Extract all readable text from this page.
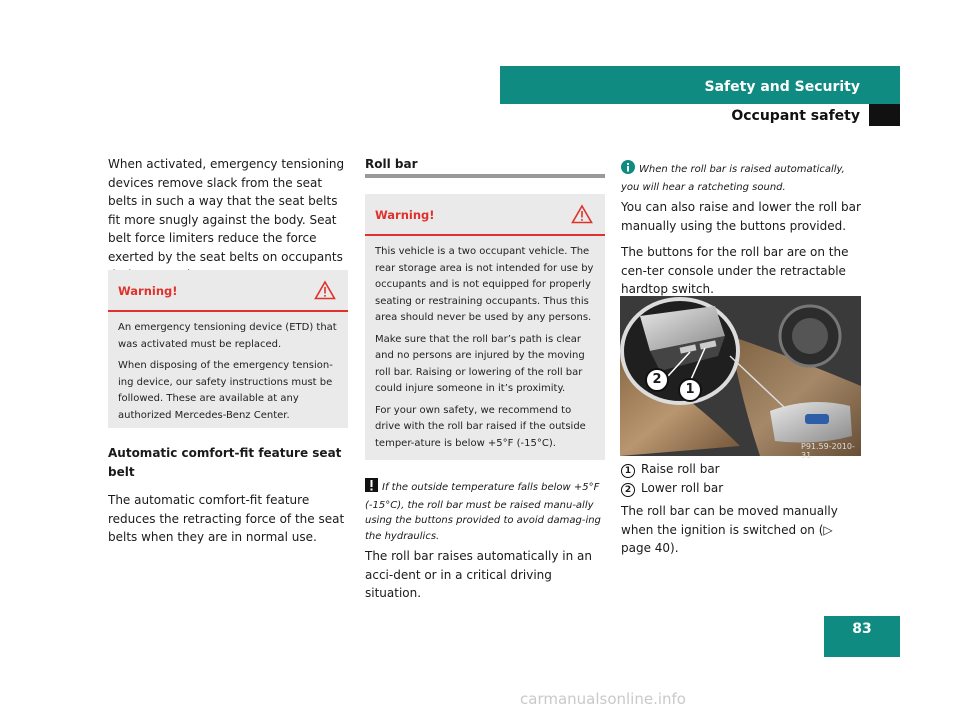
Safety and Security
Occupant safety

When activated, emergency tensioning devices remove slack from the seat belts in such a way that the seat belts fit more snugly against the body. Seat belt force limiters reduce the force exerted by the seat belts on occupants

Warning!

An emergency tensioning device (ETD) that was activated must be replaced.

When disposing of the emergency tension-ing device, our safety instructions must be followed. These are available at any authorized Mercedes-Benz Center.

Automatic comfort-fit feature seat belt

The automatic comfort-fit feature reduces the retracting force of the seat belts when they are in normal use.

Roll bar
Warning!

This vehicle is a two occupant vehicle. The rear storage area is not intended for use by occupants and is not equipped for properly seating or restraining occupants. Thus this area should never be used by any persons.

Make sure that the roll bar’s path is clear and no persons are injured by the moving roll bar. Raising or lowering of the roll bar could injure someone in it’s proximity.

For your own safety, we recommend to drive with the roll bar raised if the outside temper-ature is below +5°F (-15°C).

If the outside temperature falls below +5°F (-15°C), the roll bar must be raised manu-ally using the buttons provided to avoid damag-ing the hydraulics.
The roll bar raises automatically in an acci-dent or in a critical driving situation.
When the roll bar is raised automatically, you will hear a ratcheting sound.

You can also raise and lower the roll bar manually using the buttons provided.

The buttons for the roll bar are on the cen-ter console under the retractable hardtop switch.

2
1
P91.59-2010-31
1 Raise roll bar
2 Lower roll bar
The roll bar can be moved manually when the ignition is switched on (▷ page 40).
83
carmanualsonline.info
